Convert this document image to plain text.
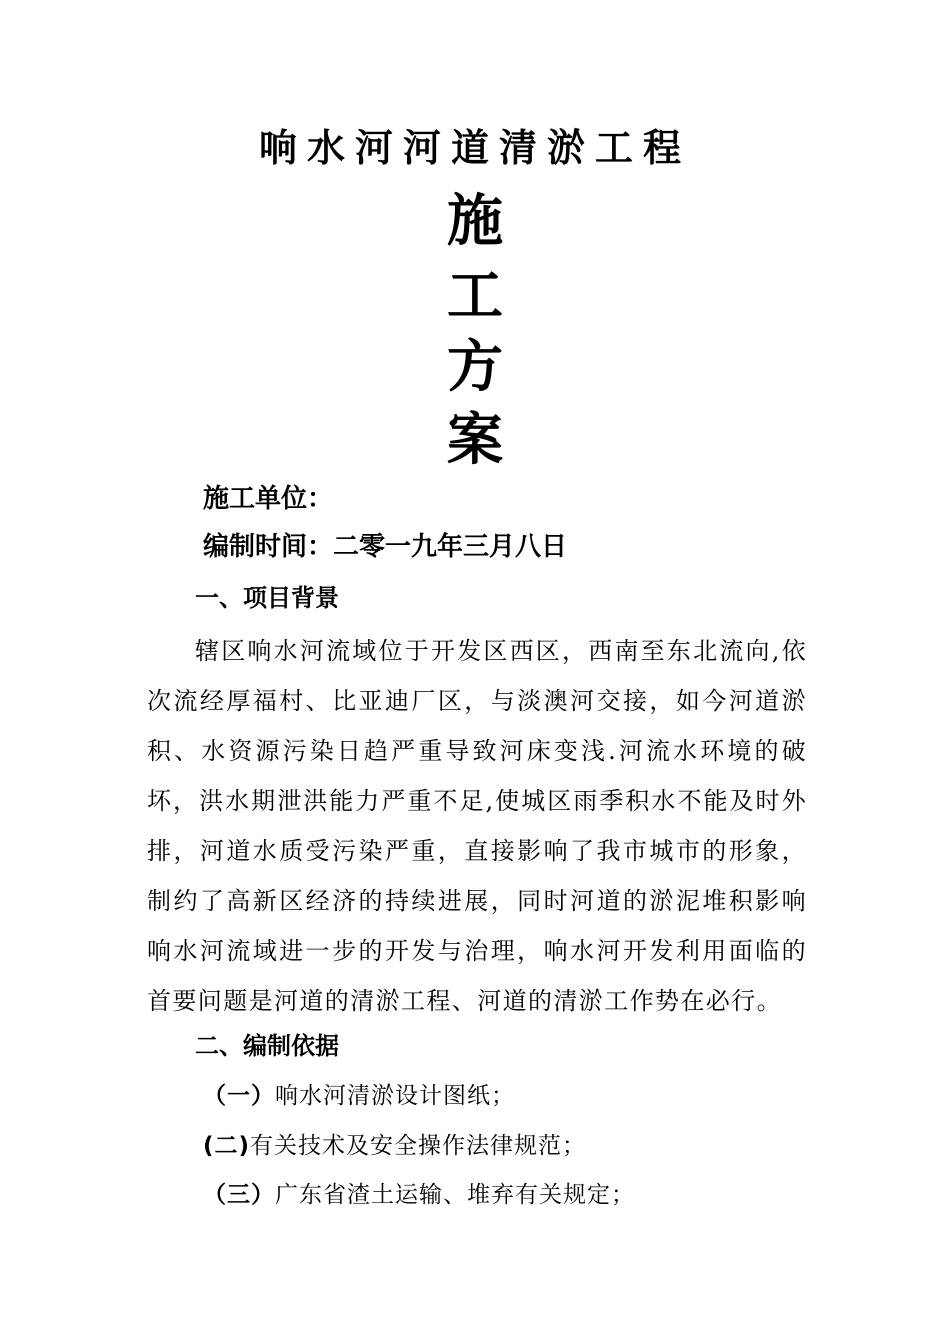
响水河河道清淤工程
施
工
方
案
施工单位：
编制时间：二零一九年三月八日
一、项目背景
辖区响水河流域位于开发区西区，西南至东北流向,依次流经厚福村、比亚迪厂区，与淡澳河交接，如今河道淤积、水资源污染日趋严重导致河床变浅.河流水环境的破坏，洪水期泄洪能力严重不足,使城区雨季积水不能及时外排，河道水质受污染严重，直接影响了我市城市的形象，制约了高新区经济的持续进展，同时河道的淤泥堆积影响响水河流域进一步的开发与治理，响水河开发利用面临的首要问题是河道的清淤工程、河道的清淤工作势在必行。
二、编制依据
（一）响水河清淤设计图纸；
(二)有关技术及安全操作法律规范；
（三）广东省渣土运输、堆弃有关规定；
